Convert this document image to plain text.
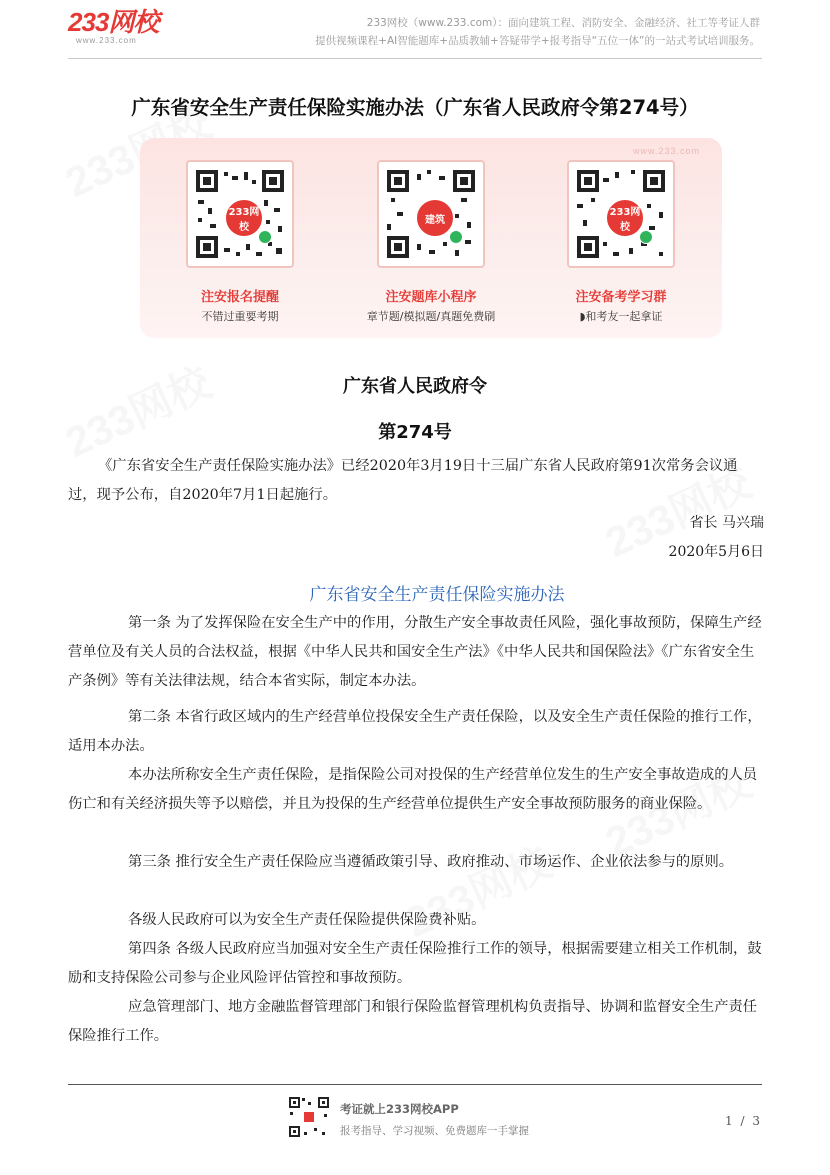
233网校
www.233.com
233网校（www.233.com）：面向建筑工程、消防安全、金融经济、社工等考证人群
提供视频课程+AI智能题库+品质教辅+答疑带学+报考指导“五位一体”的一站式考试培训服务。
广东省安全生产责任保险实施办法（广东省人民政府令第274号）
www.233.com
233网校
注安报名提醒
不错过重要考期
建筑
注安题库小程序
章节题/模拟题/真题免费刷
233网校
注安备考学习群
◗和考友一起拿证
广东省人民政府令
第274号
《广东省安全生产责任保险实施办法》已经2020年3月19日十三届广东省人民政府第91次常务会议通过，现予公布，自2020年7月1日起施行。
省长 马兴瑞
2020年5月6日
广东省安全生产责任保险实施办法
第一条 为了发挥保险在安全生产中的作用，分散生产安全事故责任风险，强化事故预防，保障生产经营单位及有关人员的合法权益，根据《中华人民共和国安全生产法》《中华人民共和国保险法》《广东省安全生产条例》等有关法律法规，结合本省实际，制定本办法。
第二条 本省行政区域内的生产经营单位投保安全生产责任保险，以及安全生产责任保险的推行工作，适用本办法。
本办法所称安全生产责任保险，是指保险公司对投保的生产经营单位发生的生产安全事故造成的人员伤亡和有关经济损失等予以赔偿，并且为投保的生产经营单位提供生产安全事故预防服务的商业保险。
第三条 推行安全生产责任保险应当遵循政策引导、政府推动、市场运作、企业依法参与的原则。
各级人民政府可以为安全生产责任保险提供保险费补贴。
第四条 各级人民政府应当加强对安全生产责任保险推行工作的领导，根据需要建立相关工作机制，鼓励和支持保险公司参与企业风险评估管控和事故预防。
应急管理部门、地方金融监督管理部门和银行保险监督管理机构负责指导、协调和监督安全生产责任保险推行工作。
考证就上233网校APP
报考指导、学习视频、免费题库一手掌握
1 / 3
